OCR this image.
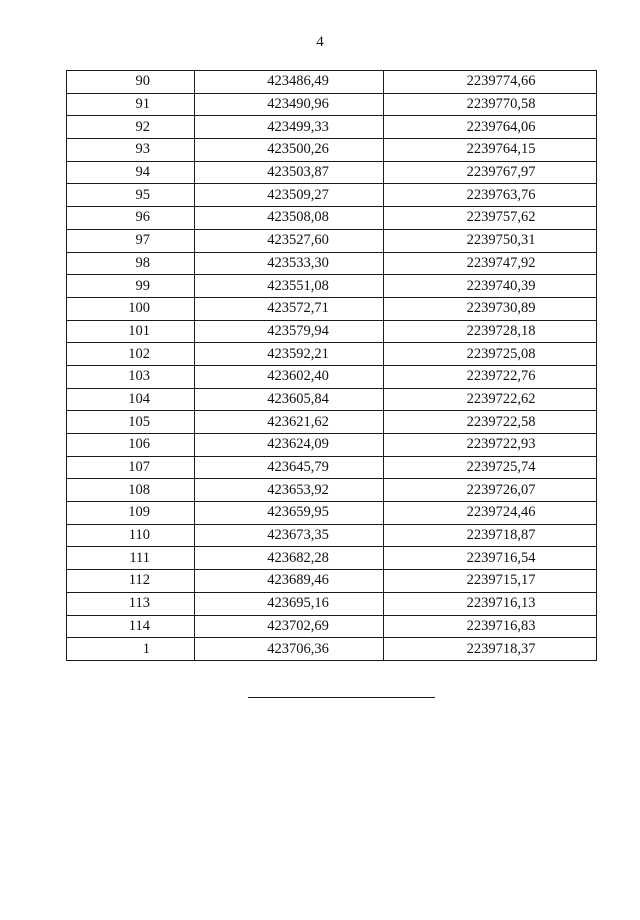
4
90	423486,49	2239774,66
91	423490,96	2239770,58
92	423499,33	2239764,06
93	423500,26	2239764,15
94	423503,87	2239767,97
95	423509,27	2239763,76
96	423508,08	2239757,62
97	423527,60	2239750,31
98	423533,30	2239747,92
99	423551,08	2239740,39
100	423572,71	2239730,89
101	423579,94	2239728,18
102	423592,21	2239725,08
103	423602,40	2239722,76
104	423605,84	2239722,62
105	423621,62	2239722,58
106	423624,09	2239722,93
107	423645,79	2239725,74
108	423653,92	2239726,07
109	423659,95	2239724,46
110	423673,35	2239718,87
111	423682,28	2239716,54
112	423689,46	2239715,17
113	423695,16	2239716,13
114	423702,69	2239716,83
1	423706,36	2239718,37
